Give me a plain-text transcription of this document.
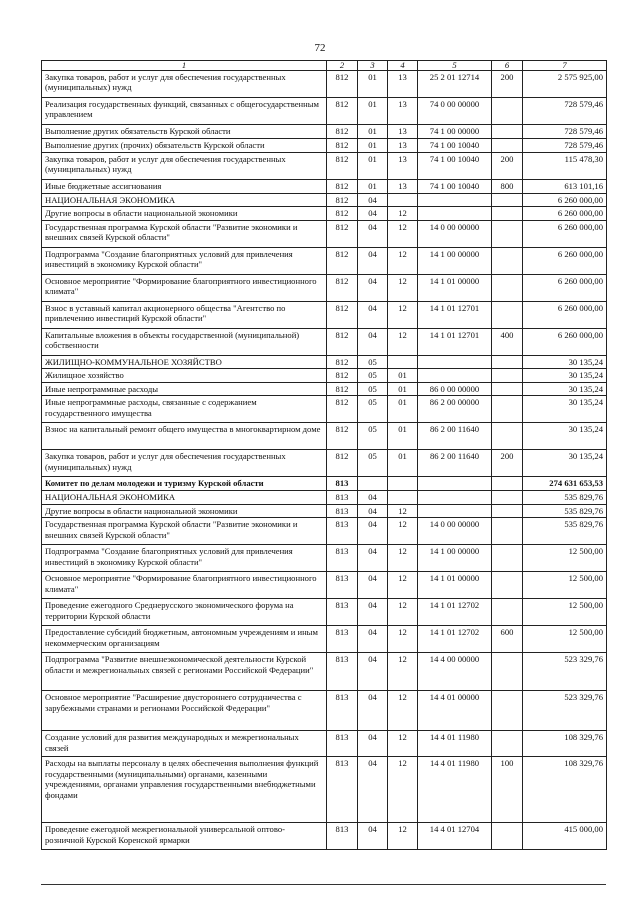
72
1	2	3	4	5	6	7
Закупка товаров, работ и услуг для обеспечения государственных (муниципальных) нужд	812	01	13	25 2 01 12714	200	2 575 925,00
Реализация государственных функций, связанных с общегосударственным управлением	812	01	13	74 0 00 00000		728 579,46
Выполнение других обязательств Курской области	812	01	13	74 1 00 00000		728 579,46
Выполнение других (прочих) обязательств Курской области	812	01	13	74 1 00 10040		728 579,46
Закупка товаров, работ и услуг для обеспечения государственных (муниципальных) нужд	812	01	13	74 1 00 10040	200	115 478,30
Иные бюджетные ассигнования	812	01	13	74 1 00 10040	800	613 101,16
НАЦИОНАЛЬНАЯ ЭКОНОМИКА	812	04				6 260 000,00
Другие вопросы в области национальной экономики	812	04	12			6 260 000,00
Государственная программа Курской области "Развитие экономики и внешних связей Курской области"	812	04	12	14 0 00 00000		6 260 000,00
Подпрограмма "Создание благоприятных условий для привлечения инвестиций в экономику Курской области"	812	04	12	14 1 00 00000		6 260 000,00
Основное мероприятие "Формирование благоприятного инвестиционного климата"	812	04	12	14 1 01 00000		6 260 000,00
Взнос в уставный капитал акционерного общества "Агентство по привлечению инвестиций Курской области"	812	04	12	14 1 01 12701		6 260 000,00
Капитальные вложения в объекты государственной (муниципальной) собственности	812	04	12	14 1 01 12701	400	6 260 000,00
ЖИЛИЩНО-КОММУНАЛЬНОЕ ХОЗЯЙСТВО	812	05				30 135,24
Жилищное хозяйство	812	05	01			30 135,24
Иные непрограммные расходы	812	05	01	86 0 00 00000		30 135,24
Иные непрограммные расходы, связанные с содержанием государственного имущества	812	05	01	86 2 00 00000		30 135,24
Взнос на капитальный ремонт общего имущества в многоквартирном доме	812	05	01	86 2 00 11640		30 135,24
Закупка товаров, работ и услуг для обеспечения государственных (муниципальных) нужд	812	05	01	86 2 00 11640	200	30 135,24
Комитет по делам молодежи и туризму Курской области	813					274 631 653,53
НАЦИОНАЛЬНАЯ ЭКОНОМИКА	813	04				535 829,76
Другие вопросы в области национальной экономики	813	04	12			535 829,76
Государственная программа Курской области "Развитие экономики и внешних связей Курской области"	813	04	12	14 0 00 00000		535 829,76
Подпрограмма "Создание благоприятных условий для привлечения инвестиций в экономику Курской области"	813	04	12	14 1 00 00000		12 500,00
Основное мероприятие "Формирование благоприятного инвестиционного климата"	813	04	12	14 1 01 00000		12 500,00
Проведение ежегодного Среднерусского экономического форума на территории Курской области	813	04	12	14 1 01 12702		12 500,00
Предоставление субсидий бюджетным, автономным учреждениям и иным некоммерческим организациям	813	04	12	14 1 01 12702	600	12 500,00
Подпрограмма "Развитие внешнеэкономической деятельности Курской области и межрегиональных связей с регионами Российской Федерации"	813	04	12	14 4 00 00000		523 329,76
Основное мероприятие "Расширение двустороннего сотрудничества с зарубежными странами и регионами Российской Федерации"	813	04	12	14 4 01 00000		523 329,76
Создание условий для развития международных и межрегиональных связей	813	04	12	14 4 01 11980		108 329,76
Расходы на выплаты персоналу в целях обеспечения выполнения функций государственными (муниципальными) органами, казенными учреждениями, органами управления государственными внебюджетными фондами	813	04	12	14 4 01 11980	100	108 329,76
Проведение ежегодной межрегиональной универсальной оптово-розничной Курской Коренской ярмарки	813	04	12	14 4 01 12704		415 000,00
